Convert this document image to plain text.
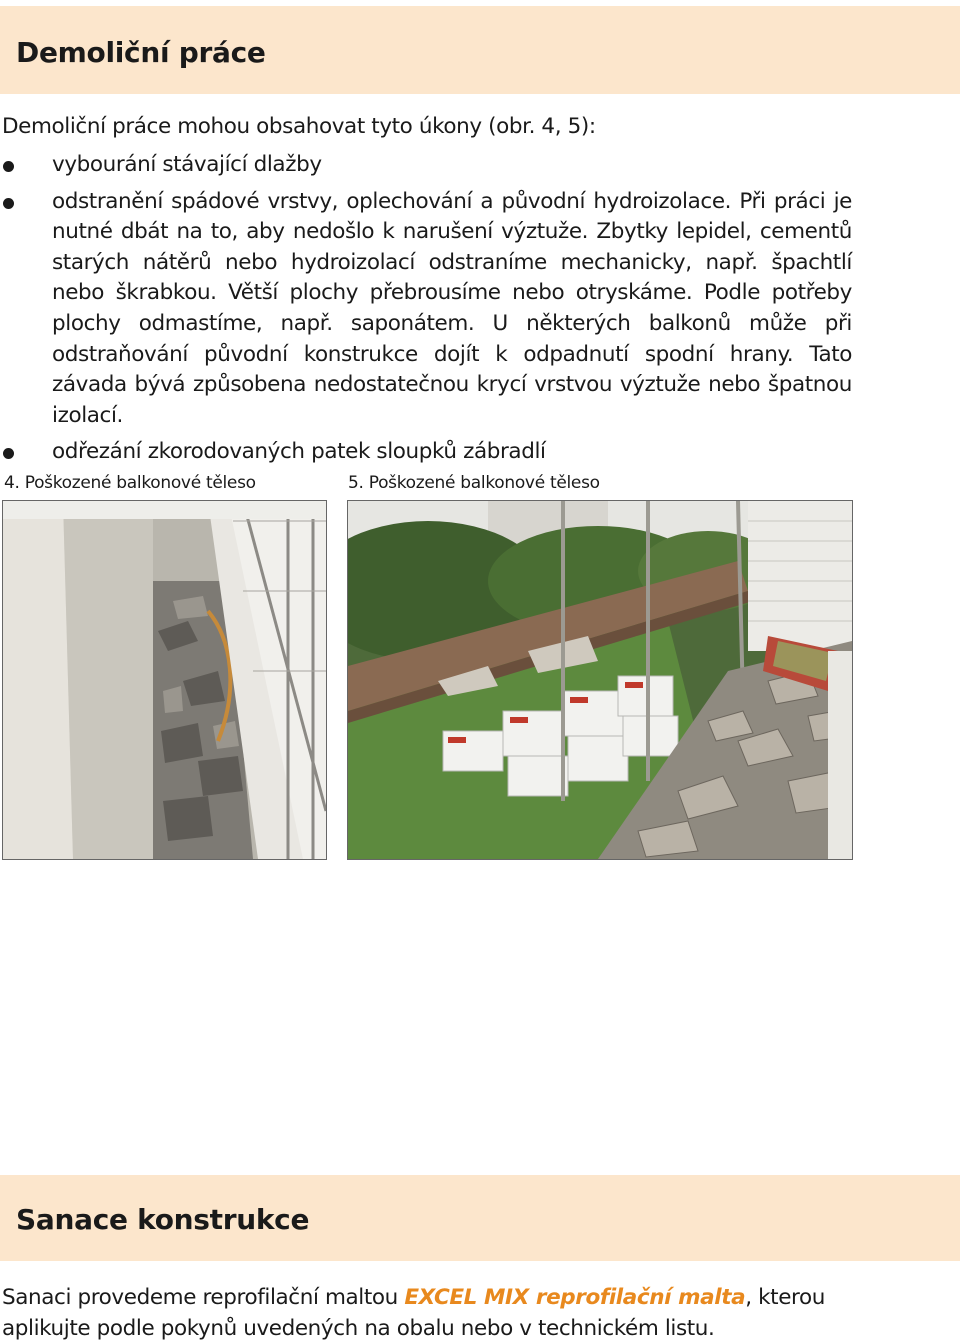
Demoliční práce
Demoliční práce mohou obsahovat tyto úkony (obr. 4, 5):
vybourání stávající dlažby
odstranění spádové vrstvy, oplechování a původní hydroizolace. Při práci je nutné dbát na to, aby nedošlo k narušení výztuže. Zbytky lepidel, cementů starých nátěrů nebo hydroizolací odstraníme mechanicky, např. špachtlí nebo škrabkou. Větší plochy přebrousíme nebo otryskáme. Podle potřeby plochy odmastíme, např. saponátem. U některých balkonů může při odstraňování původní konstrukce dojít k odpadnutí spodní hrany. Tato závada bývá způsobena nedostatečnou krycí vrstvou výztuže nebo špatnou izolací.
odřezání zkorodovaných patek sloupků zábradlí
4. Poškozené balkonové těleso	5. Poškozené balkonové těleso
Sanace konstrukce
Sanaci provedeme reprofilační maltou EXCEL MIX reprofilační malta, kterou aplikujte podle pokynů uvedených na obalu nebo v technickém listu.
